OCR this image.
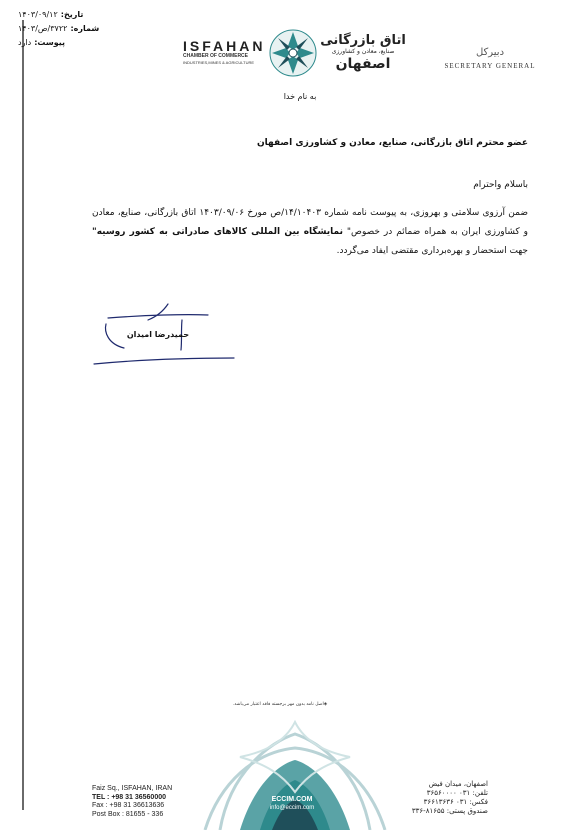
تاریخ:
۱۴۰۳/۰۹/۱۲
شماره:
۳۷۲۲/ص/۱۴۰۳
پیوست:
دارد	ISFAHAN
CHAMBER OF COMMERCE
INDUSTRIES,MINES & AGRICULTURE
اتاق بازرگانی
صنایع، معادن و کشاورزی
اصفهان
دبیرکل
SECRETARY GENERAL
به نام خدا
عضو محترم اتاق بازرگانی، صنایع، معادن و کشاورزی اصفهان
باسلام واحترام
ضمن آرزوی سلامتی و بهروزی، به پیوست نامه شماره ۱۴/۱۰۴۰۳/ص مورخ ۱۴۰۳/۰۹/۰۶ اتاق بازرگانی، صنایع، معادن و کشاورزی ایران به همراه ضمائم در خصوص" نمایشگاه بین المللی کالاهای صادراتی به کشور روسیه" جهت استحضار و بهره‌برداری مقتضی ایفاد می‌گردد.
حمیدرضا امیدان
◈اصل نامه بدون مهر برجسته فاقد اعتبار می‌باشد.
Faiz Sq., ISFAHAN, IRAN
TEL : +98 31 36560000
Fax : +98 31 36613636
Post Box : 81655 - 336
ECCIM.COM
info@eccim.com
اصفهان، میدان فیض
تلفن: ۰۳۱ ۳۶۵۶۰۰۰۰
فکس: ۰۳۱ ۳۶۶۱۳۶۳۶
صندوق پستی: ۸۱۶۵۵-۳۳۶
